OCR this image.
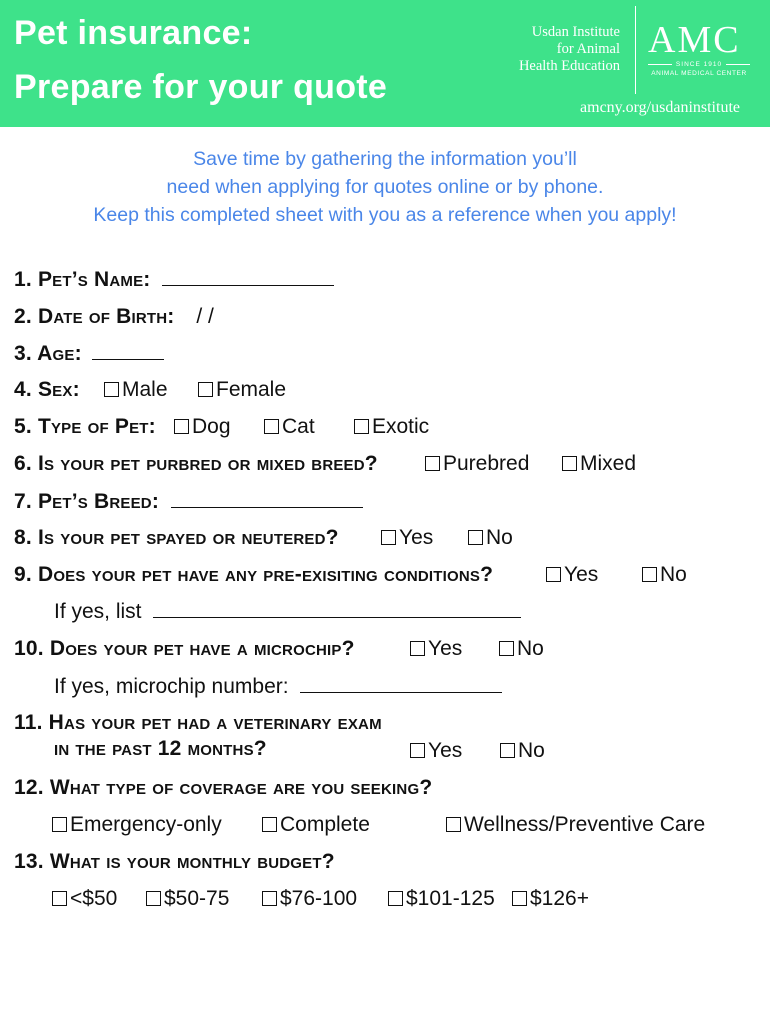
Pet insurance:
Prepare for your quote
Usdan Institute
for Animal
Health Education
AMC
SINCE 1910
ANIMAL MEDICAL CENTER
amcny.org/usdaninstitute
Save time by gathering the information you’ll
need when applying for quotes online or by phone.
Keep this completed sheet with you as a reference when you apply!
1. Pet’s Name:
2. Date of Birth: / /
3. Age:
4. Sex:	Male	Female
5. Type of Pet:	Dog	Cat	Exotic
6. Is your pet purbred or mixed breed?	Purebred	Mixed
7. Pet’s Breed:
8. Is your pet spayed or neutered?	Yes	No
9. Does your pet have any pre-exisiting conditions?	Yes	No
If yes, list
10. Does your pet have a microchip?	Yes	No
If yes, microchip number:
11. Has your pet had a veterinary exam
in the past 12 months?	Yes	No
12. What type of coverage are you seeking?
Emergency-only	Complete	Wellness/Preventive Care
13. What is your monthly budget?
<$50	$50-75	$76-100	$101-125	$126+
